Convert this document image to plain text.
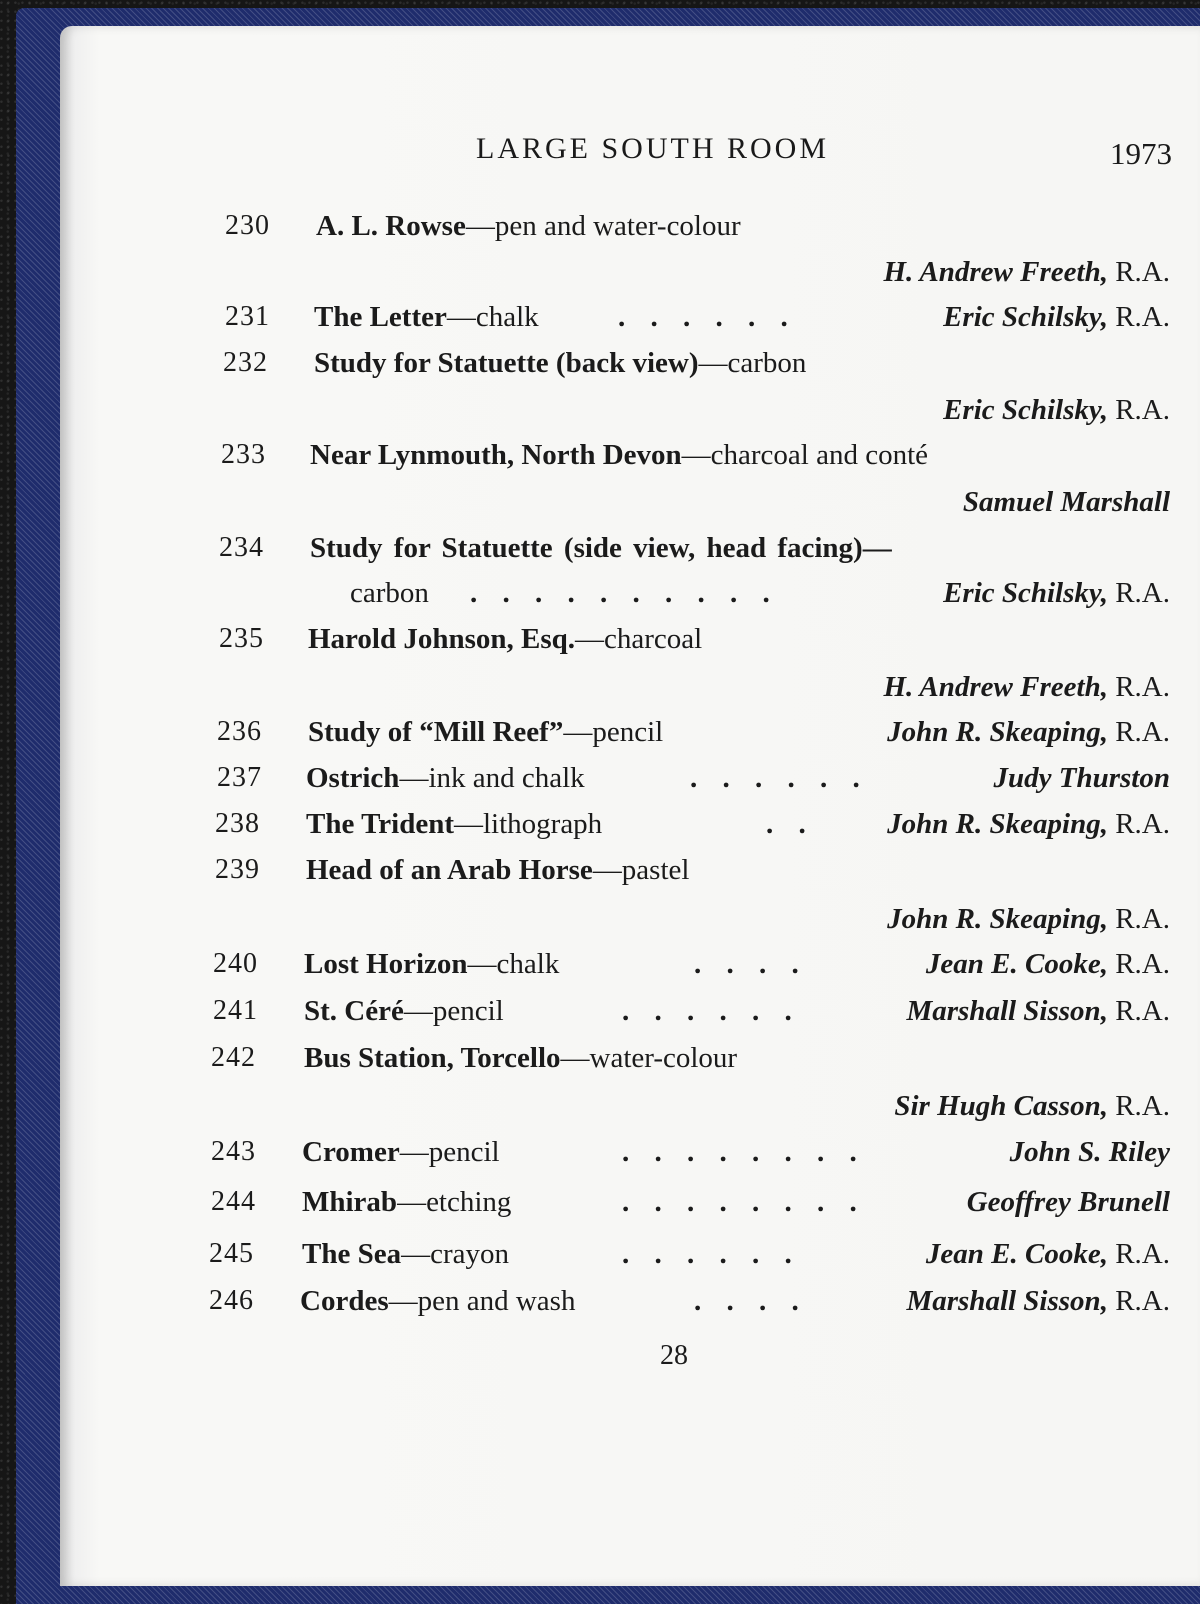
LARGE SOUTH ROOM	1973
230 A. L. Rowse—pen and water-colour
H. Andrew Freeth, R.A.
231 The Letter—chalk	. . . . . .	Eric Schilsky, R.A.
232 Study for Statuette (back view)—carbon
Eric Schilsky, R.A.
233 Near Lynmouth, North Devon—charcoal and conté
Samuel Marshall
234 Study for Statuette (side view, head facing)—
carbon . . . . . . . . . .	Eric Schilsky, R.A.
235 Harold Johnson, Esq.—charcoal
H. Andrew Freeth, R.A.
236 Study of “Mill Reef”—pencil	John R. Skeaping, R.A.
237 Ostrich—ink and chalk	. . . . . .	Judy Thurston
238 The Trident—lithograph	. . John R. Skeaping, R.A.
239 Head of an Arab Horse—pastel
John R. Skeaping, R.A.
240 Lost Horizon—chalk	. . . .	Jean E. Cooke, R.A.
241 St. Céré—pencil	. . . . . .	Marshall Sisson, R.A.
242 Bus Station, Torcello—water-colour
Sir Hugh Casson, R.A.
243 Cromer—pencil	. . . . . . . .	John S. Riley
244 Mhirab—etching	. . . . . . . .	Geoffrey Brunell
245 The Sea—crayon	. . . . . .	Jean E. Cooke, R.A.
246 Cordes—pen and wash	. . . .	Marshall Sisson, R.A.
28
